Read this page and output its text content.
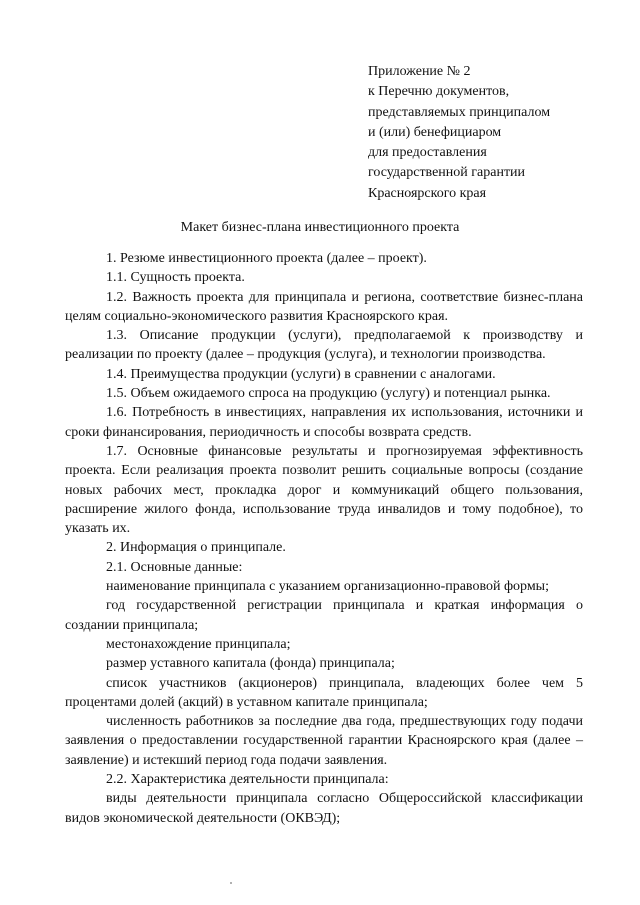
Приложение № 2
к Перечню документов,
представляемых принципалом
и (или) бенефициаром
для предоставления
государственной гарантии
Красноярского края
Макет бизнес-плана инвестиционного проекта

1. Резюме инвестиционного проекта (далее – проект).

1.1. Сущность проекта.

1.2. Важность проекта для принципала и региона, соответствие бизнес-плана целям социально-экономического развития Красноярского края.

1.3. Описание продукции (услуги), предполагаемой к производству и реализации по проекту (далее – продукция (услуга), и технологии производства.

1.4. Преимущества продукции (услуги) в сравнении с аналогами.

1.5. Объем ожидаемого спроса на продукцию (услугу) и потенциал рынка.

1.6. Потребность в инвестициях, направления их использования, источники и сроки финансирования, периодичность и способы возврата средств.

1.7. Основные финансовые результаты и прогнозируемая эффективность проекта. Если реализация проекта позволит решить социальные вопросы (создание новых рабочих мест, прокладка дорог и коммуникаций общего пользования, расширение жилого фонда, использование труда инвалидов и тому подобное), то указать их.

2. Информация о принципале.

2.1. Основные данные:

наименование принципала с указанием организационно-правовой формы;

год государственной регистрации принципала и краткая информация о создании принципала;

местонахождение принципала;

размер уставного капитала (фонда) принципала;

список участников (акционеров) принципала, владеющих более чем 5 процентами долей (акций) в уставном капитале принципала;

численность работников за последние два года, предшествующих году подачи заявления о предоставлении государственной гарантии Красноярского края (далее – заявление) и истекший период года подачи заявления.

2.2. Характеристика деятельности принципала:

виды деятельности принципала согласно Общероссийской классификации видов экономической деятельности (ОКВЭД);
